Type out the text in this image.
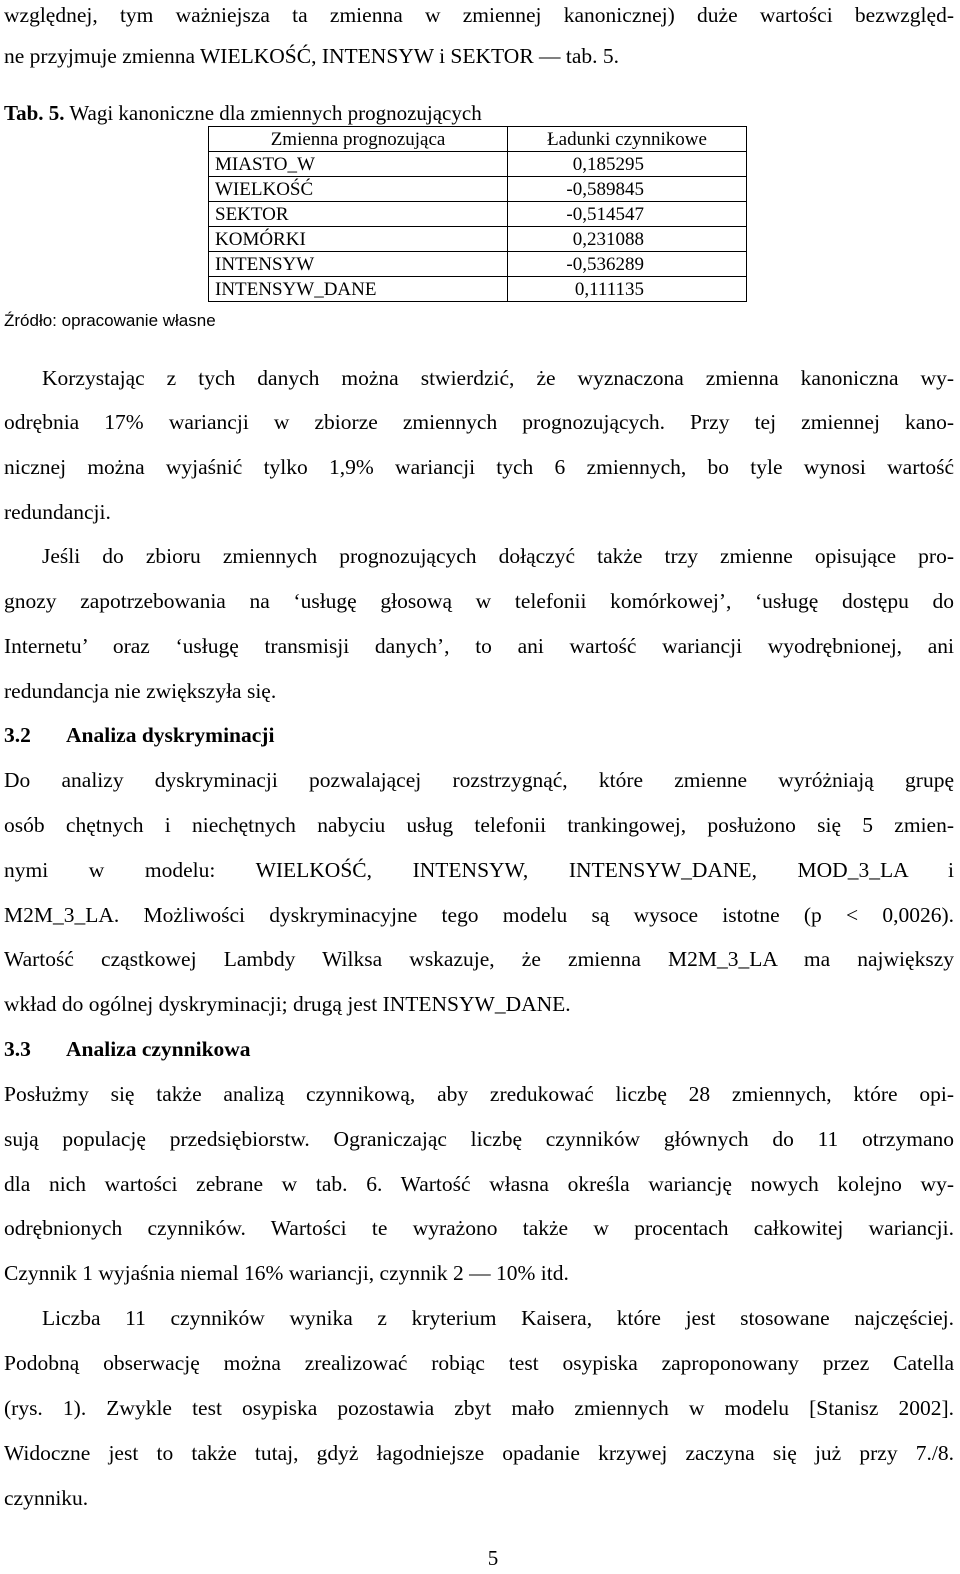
względnej, tym ważniejsza ta zmienna w zmiennej kanonicznej) duże wartości bezwzględ-
ne przyjmuje zmienna WIELKOŚĆ, INTENSYW i SEKTOR — tab. 5.
Tab. 5. Wagi kanoniczne dla zmiennych prognozujących
Zmienna prognozująca	Ładunki czynnikowe
MIASTO_W	0,185295
WIELKOŚĆ	-0,589845
SEKTOR	-0,514547
KOMÓRKI	0,231088
INTENSYW	-0,536289
INTENSYW_DANE	0,111135
Źródło: opracowanie własne
Korzystając z tych danych można stwierdzić, że wyznaczona zmienna kanoniczna wy-
odrębnia 17% wariancji w zbiorze zmiennych prognozujących. Przy tej zmiennej kano-
nicznej można wyjaśnić tylko 1,9% wariancji tych 6 zmiennych, bo tyle wynosi wartość
redundancji.
Jeśli do zbioru zmiennych prognozujących dołączyć także trzy zmienne opisujące pro-
gnozy zapotrzebowania na ‘usługę głosową w telefonii komórkowej’, ‘usługę dostępu do
Internetu’ oraz ‘usługę transmisji danych’, to ani wartość wariancji wyodrębnionej, ani
redundancja nie zwiększyła się.
3.2 Analiza dyskryminacji
Do analizy dyskryminacji pozwalającej rozstrzygnąć, które zmienne wyróżniają grupę
osób chętnych i niechętnych nabyciu usług telefonii trankingowej, posłużono się 5 zmien-
nymi w modelu: WIELKOŚĆ, INTENSYW, INTENSYW_DANE, MOD_3_LA i
M2M_3_LA. Możliwości dyskryminacyjne tego modelu są wysoce istotne (p < 0,0026).
Wartość cząstkowej Lambdy Wilksa wskazuje, że zmienna M2M_3_LA ma największy
wkład do ogólnej dyskryminacji; drugą jest INTENSYW_DANE.
3.3 Analiza czynnikowa
Posłużmy się także analizą czynnikową, aby zredukować liczbę 28 zmiennych, które opi-
sują populację przedsiębiorstw. Ograniczając liczbę czynników głównych do 11 otrzymano
dla nich wartości zebrane w tab. 6. Wartość własna określa wariancję nowych kolejno wy-
odrębnionych czynników. Wartości te wyrażono także w procentach całkowitej wariancji.
Czynnik 1 wyjaśnia niemal 16% wariancji, czynnik 2 — 10% itd.
Liczba 11 czynników wynika z kryterium Kaisera, które jest stosowane najczęściej.
Podobną obserwację można zrealizować robiąc test osypiska zaproponowany przez Catella
(rys. 1). Zwykle test osypiska pozostawia zbyt mało zmiennych w modelu [Stanisz 2002].
Widoczne jest to także tutaj, gdyż łagodniejsze opadanie krzywej zaczyna się już przy 7./8.
czynniku.
5
